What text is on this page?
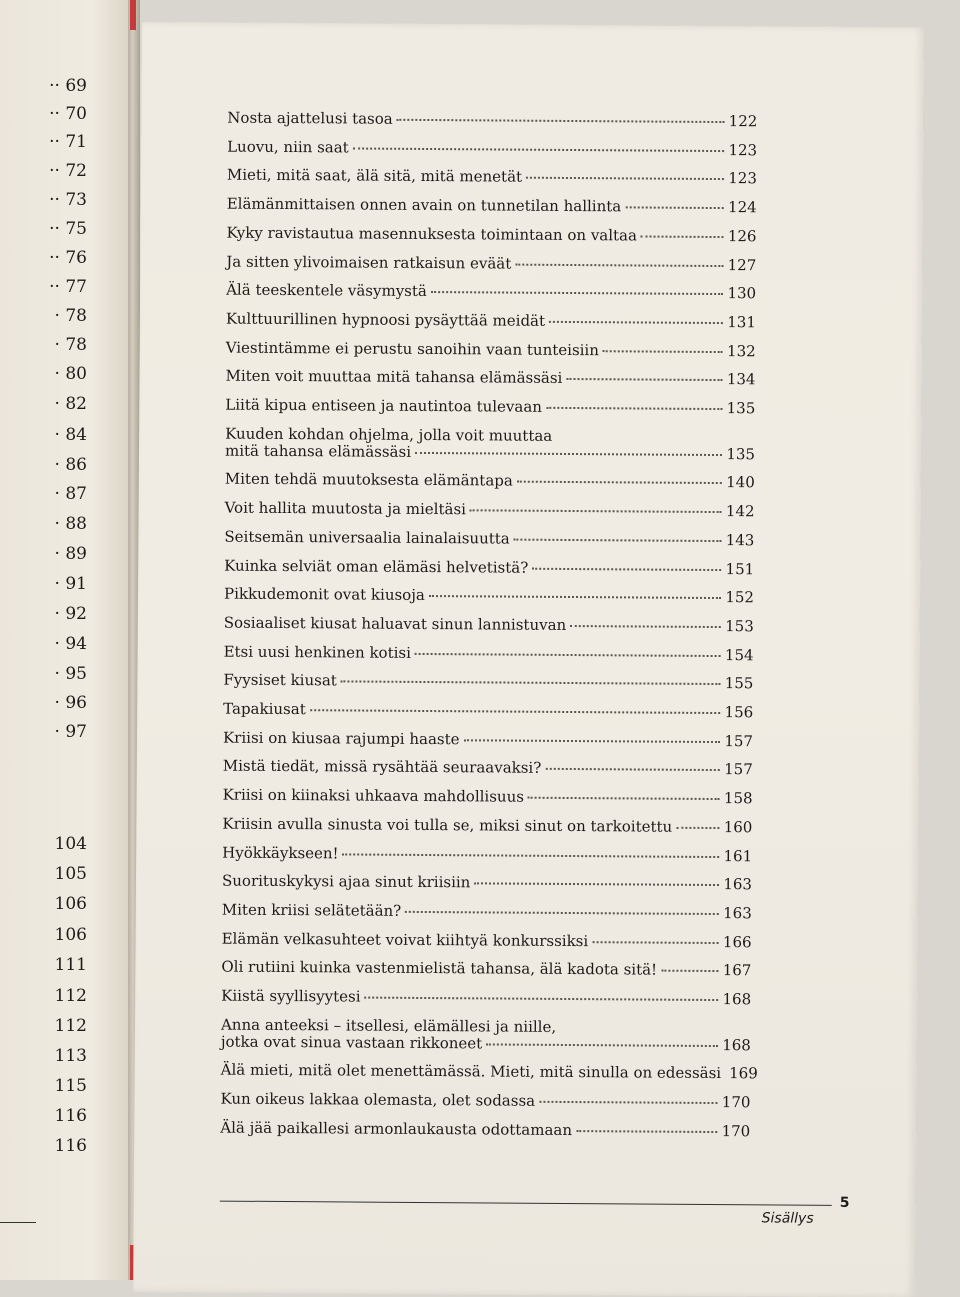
·· 69
·· 70
·· 71
·· 72
·· 73
·· 75
·· 76
·· 77
· 78
· 78
· 80
· 82
· 84
· 86
· 87
· 88
· 89
· 91
· 92
· 94
· 95
· 96
· 97
104
105
106
106
111
112
112
113
115
116
116
Nosta ajattelusi tasoa	122
Luovu, niin saat	123
Mieti, mitä saat, älä sitä, mitä menetät	123
Elämänmittaisen onnen avain on tunnetilan hallinta	124
Kyky ravistautua masennuksesta toimintaan on valtaa	126
Ja sitten ylivoimaisen ratkaisun eväät	127
Älä teeskentele väsymystä	130
Kulttuurillinen hypnoosi pysäyttää meidät	131
Viestintämme ei perustu sanoihin vaan tunteisiin	132
Miten voit muuttaa mitä tahansa elämässäsi	134
Liitä kipua entiseen ja nautintoa tulevaan	135
Kuuden kohdan ohjelma, jolla voit muuttaa
mitä tahansa elämässäsi	135
Miten tehdä muutoksesta elämäntapa	140
Voit hallita muutosta ja mieltäsi	142
Seitsemän universaalia lainalaisuutta	143
Kuinka selviät oman elämäsi helvetistä?	151
Pikkudemonit ovat kiusoja	152
Sosiaaliset kiusat haluavat sinun lannistuvan	153
Etsi uusi henkinen kotisi	154
Fyysiset kiusat	155
Tapakiusat	156
Kriisi on kiusaa rajumpi haaste	157
Mistä tiedät, missä rysähtää seuraavaksi?	157
Kriisi on kiinaksi uhkaava mahdollisuus	158
Kriisin avulla sinusta voi tulla se, miksi sinut on tarkoitettu	160
Hyökkäykseen!	161
Suorituskykysi ajaa sinut kriisiin	163
Miten kriisi selätetään?	163
Elämän velkasuhteet voivat kiihtyä konkurssiksi	166
Oli rutiini kuinka vastenmielistä tahansa, älä kadota sitä!	167
Kiistä syyllisyytesi	168
Anna anteeksi – itsellesi, elämällesi ja niille,
jotka ovat sinua vastaan rikkoneet	168
Älä mieti, mitä olet menettämässä. Mieti, mitä sinulla on edessäsi 169
Kun oikeus lakkaa olemasta, olet sodassa	170
Älä jää paikallesi armonlaukausta odottamaan	170
Sisällys
5
